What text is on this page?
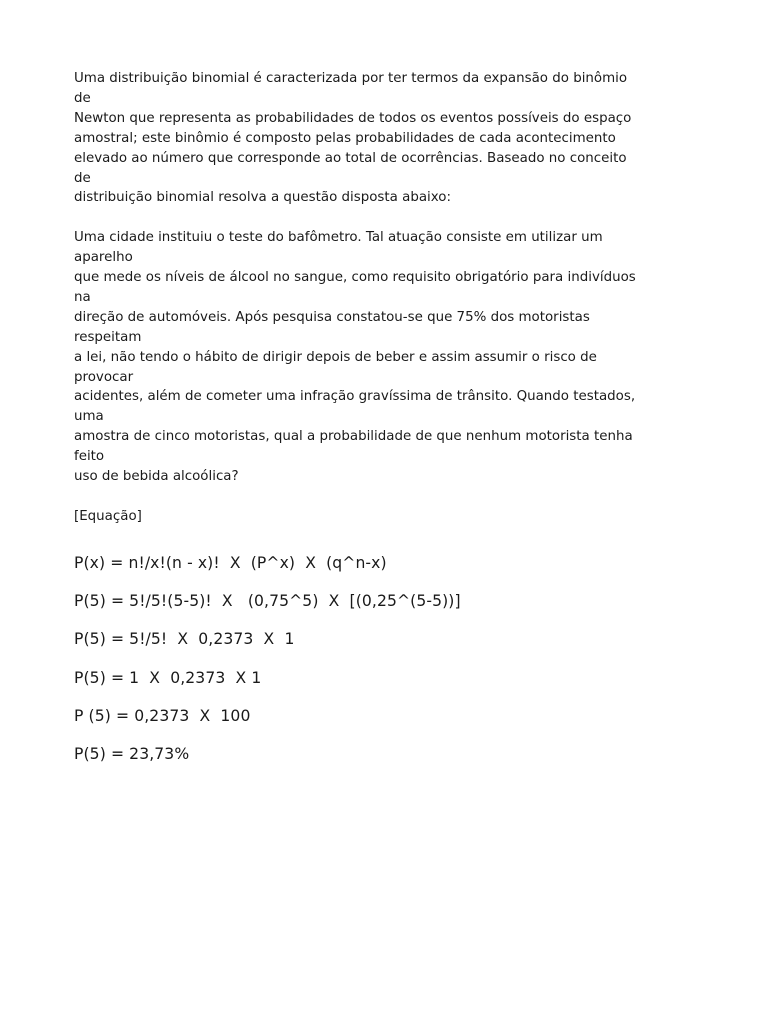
Uma distribuição binomial é caracterizada por ter termos da expansão do binômio de
Newton que representa as probabilidades de todos os eventos possíveis do espaço
amostral; este binômio é composto pelas probabilidades de cada acontecimento
elevado ao número que corresponde ao total de ocorrências. Baseado no conceito de
distribuição binomial resolva a questão disposta abaixo:

Uma cidade instituiu o teste do bafômetro. Tal atuação consiste em utilizar um aparelho
que mede os níveis de álcool no sangue, como requisito obrigatório para indivíduos na
direção de automóveis. Após pesquisa constatou-se que 75% dos motoristas respeitam
a lei, não tendo o hábito de dirigir depois de beber e assim assumir o risco de provocar
acidentes, além de cometer uma infração gravíssima de trânsito. Quando testados, uma
amostra de cinco motoristas, qual a probabilidade de que nenhum motorista tenha feito
uso de bebida alcoólica?

[Equação]

P(x) = n!/x!(n - x)!  X  (P^x)  X  (q^n-x)
P(5) = 5!/5!(5-5)!  X   (0,75^5)  X  [(0,25^(5-5))]
P(5) = 5!/5!  X  0,2373  X  1
P(5) = 1  X  0,2373  X 1
P (5) = 0,2373  X  100
P(5) = 23,73%
